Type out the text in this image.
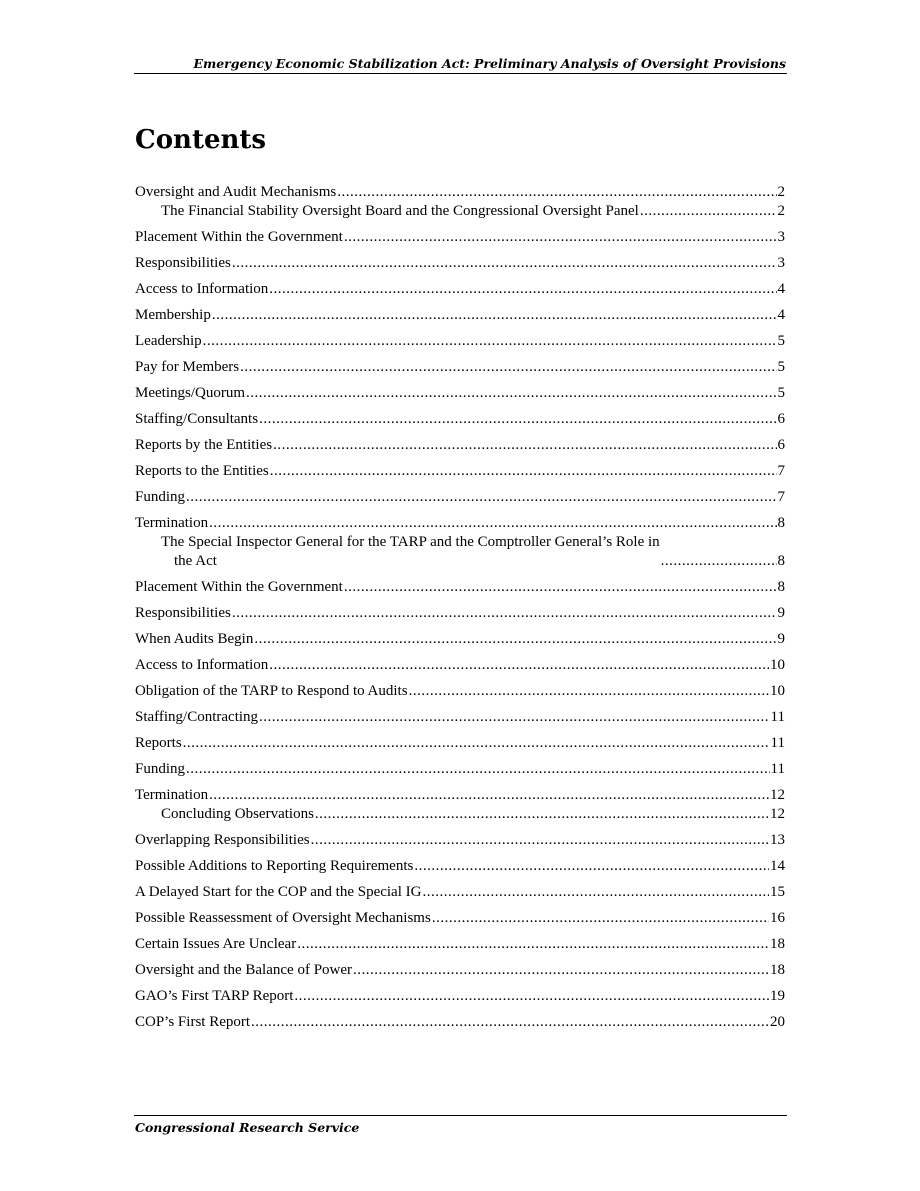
Emergency Economic Stabilization Act: Preliminary Analysis of Oversight Provisions
Contents
Oversight and Audit Mechanisms .....	2
The Financial Stability Oversight Board and the Congressional Oversight Panel .....	2
Placement Within the Government .....	3
Responsibilities .....	3
Access to Information .....	4
Membership .....	4
Leadership .....	5
Pay for Members .....	5
Meetings/Quorum .....	5
Staffing/Consultants .....	6
Reports by the Entities .....	6
Reports to the Entities .....	7
Funding .....	7
Termination .....	8
The Special Inspector General for the TARP and the Comptroller General’s Role in
the Act .....	8
Placement Within the Government .....	8
Responsibilities .....	9
When Audits Begin .....	9
Access to Information .....	10
Obligation of the TARP to Respond to Audits .....	10
Staffing/Contracting .....	11
Reports .....	11
Funding .....	11
Termination .....	12
Concluding Observations .....	12
Overlapping Responsibilities .....	13
Possible Additions to Reporting Requirements .....	14
A Delayed Start for the COP and the Special IG .....	15
Possible Reassessment of Oversight Mechanisms .....	16
Certain Issues Are Unclear .....	18
Oversight and the Balance of Power .....	18
GAO’s First TARP Report .....	19
COP’s First Report .....	20
Congressional Research Service
